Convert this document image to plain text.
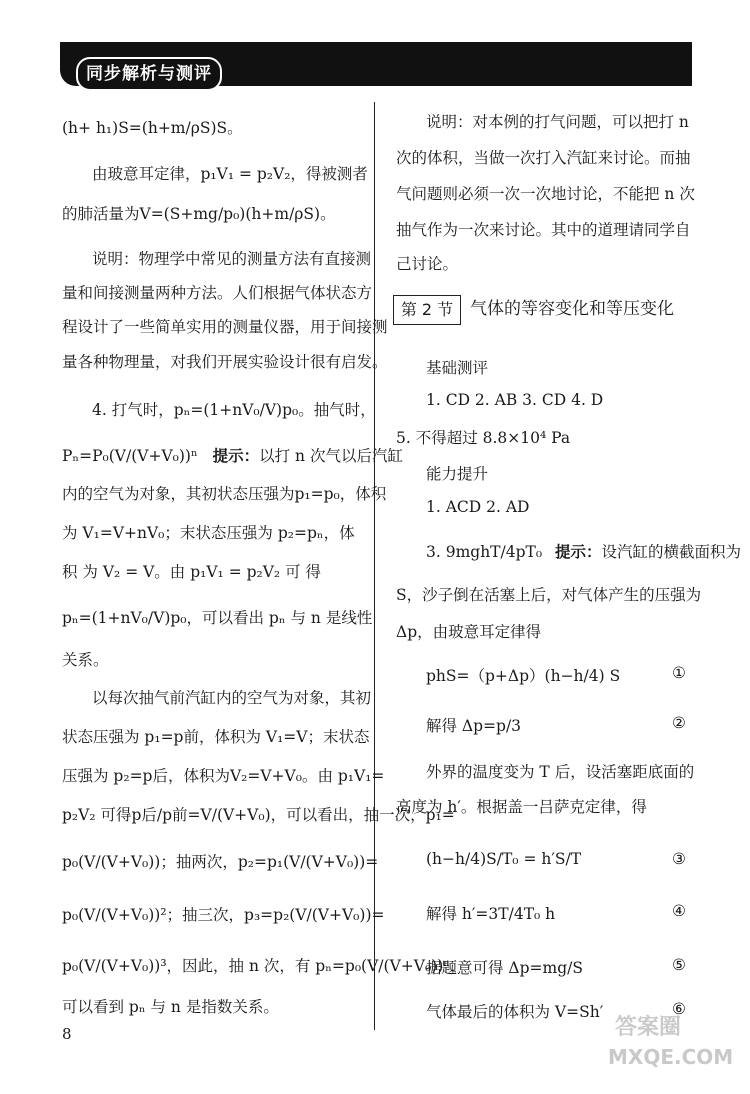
同步解析与测评
(h+ h₁)S=(h+m/ρS)S。
由玻意耳定律，p₁V₁ = p₂V₂，得被测者
的肺活量为V=(S+mg/p₀)(h+m/ρS)。
说明：物理学中常见的测量方法有直接测
量和间接测量两种方法。人们根据气体状态方
程设计了一些简单实用的测量仪器，用于间接测
量各种物理量，对我们开展实验设计很有启发。
4. 打气时，pₙ=(1+nV₀/V)p₀。抽气时，
Pₙ=P₀(V/(V+V₀))ⁿ 提示：以打 n 次气以后汽缸
内的空气为对象，其初状态压强为p₁=p₀，体积
为 V₁=V+nV₀；末状态压强为 p₂=pₙ，体
积 为 V₂ = V。由 p₁V₁ = p₂V₂ 可 得
pₙ=(1+nV₀/V)p₀，可以看出 pₙ 与 n 是线性
关系。
以每次抽气前汽缸内的空气为对象，其初
状态压强为 p₁=p前，体积为 V₁=V；末状态
压强为 p₂=p后，体积为V₂=V+V₀。由 p₁V₁=
p₂V₂ 可得p后/p前=V/(V+V₀)，可以看出，抽一次，p₁=
p₀(V/(V+V₀))；抽两次，p₂=p₁(V/(V+V₀))=
p₀(V/(V+V₀))²；抽三次，p₃=p₂(V/(V+V₀))=
p₀(V/(V+V₀))³，因此，抽 n 次，有 pₙ=p₀(V/(V+V₀))ⁿ，
可以看到 pₙ 与 n 是指数关系。
说明：对本例的打气问题，可以把打 n
次的体积，当做一次打入汽缸来讨论。而抽
气问题则必须一次一次地讨论，不能把 n 次
抽气作为一次来讨论。其中的道理请同学自
己讨论。
第 2 节 气体的等容变化和等压变化
基础测评
1. CD 2. AB 3. CD 4. D
5. 不得超过 8.8×10⁴ Pa
能力提升
1. ACD 2. AD
3. 9mghT/4pT₀ 提示：设汽缸的横截面积为
S，沙子倒在活塞上后，对气体产生的压强为
Δp，由玻意耳定律得
phS=（p+Δp）(h−h/4) S	①
解得 Δp=p/3	②
外界的温度变为 T 后，设活塞距底面的
高度为 h′。根据盖一吕萨克定律，得
(h−h/4)S/T₀ = h′S/T	③
解得 h′=3T/4T₀ h	④
据题意可得 Δp=mg/S	⑤
气体最后的体积为 V=Sh′	⑥
8	答案圈
MXQE.COM
